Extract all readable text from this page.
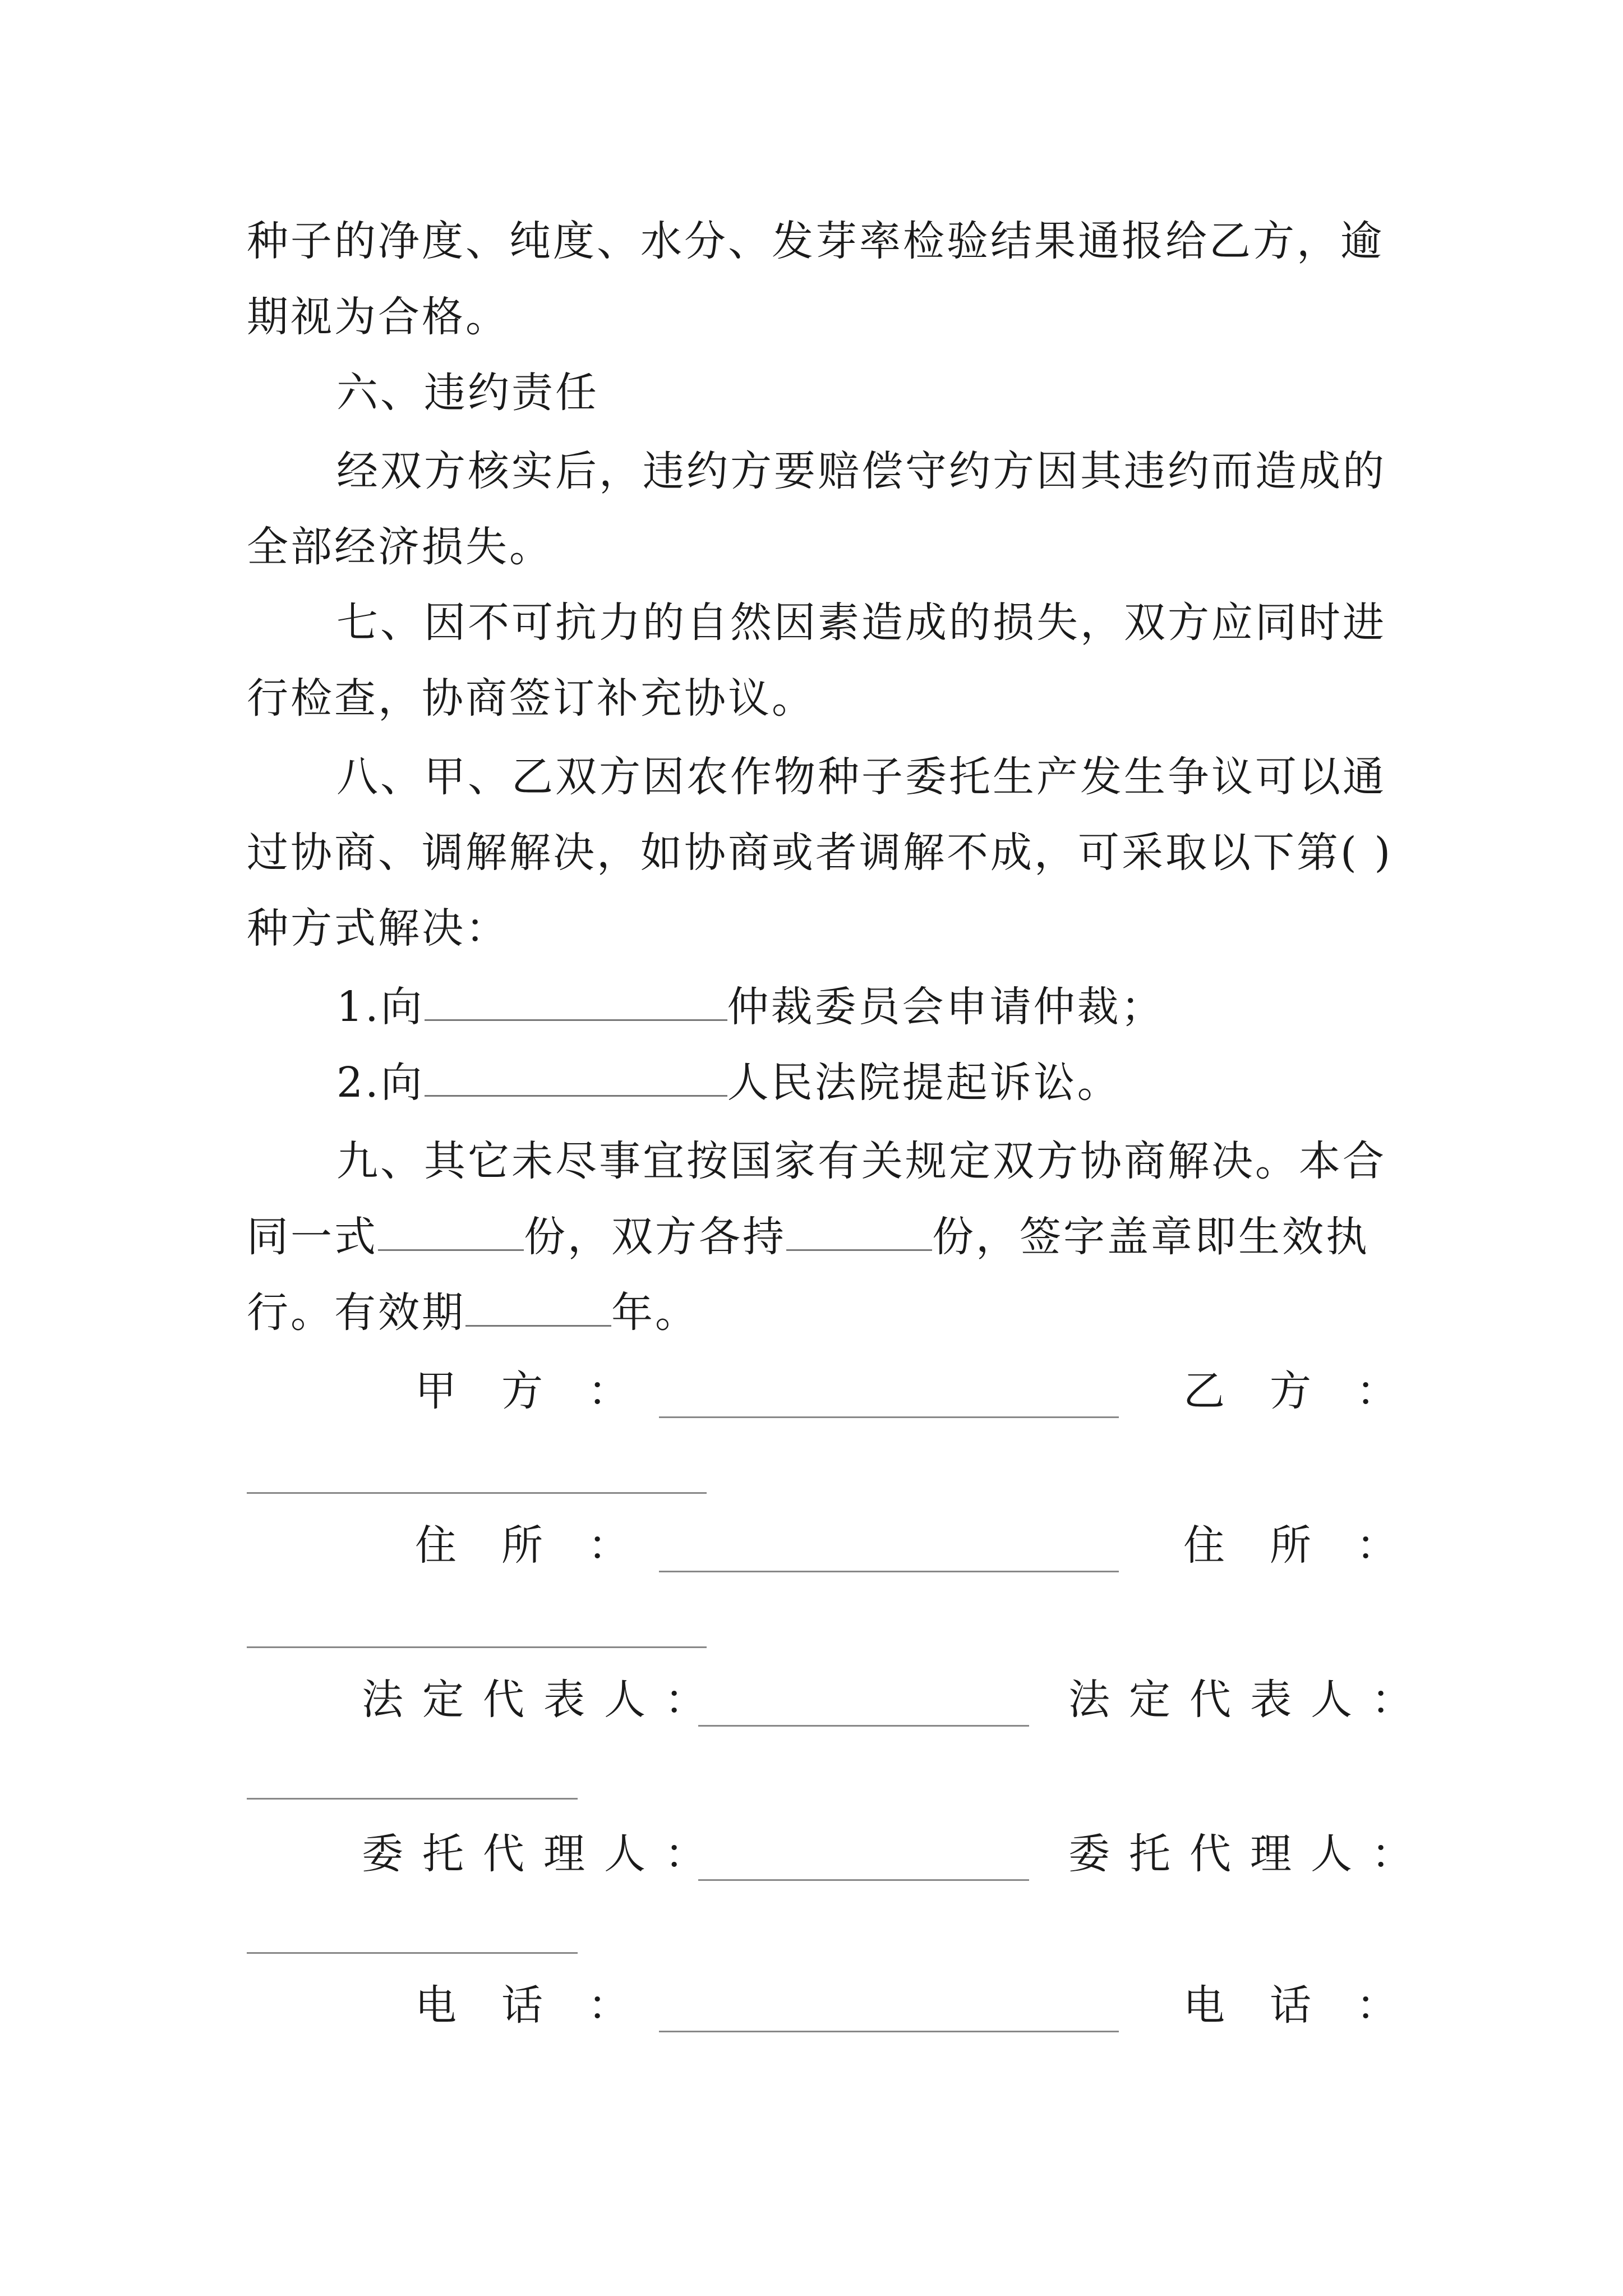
种子的净度、纯度、水分、发芽率检验结果通报给乙方，逾
期视为合格。
六、违约责任
经双方核实后，违约方要赔偿守约方因其违约而造成的
全部经济损失。
七、因不可抗力的自然因素造成的损失，双方应同时进
行检查，协商签订补充协议。
八、甲、乙双方因农作物种子委托生产发生争议可以通
过协商、调解解决，如协商或者调解不成，可采取以下第( )
种方式解决：
1.向	仲裁委员会申请仲裁；
2.向	人民法院提起诉讼。
九、其它未尽事宜按国家有关规定双方协商解决。本合
同一式	份，双方各持	份，签字盖章即生效执
行。有效期	年。
甲方：	乙方：
住所：	住所：
法定代表人：	法定代表人：
委托代理人：	委托代理人：
电话：	电话：
